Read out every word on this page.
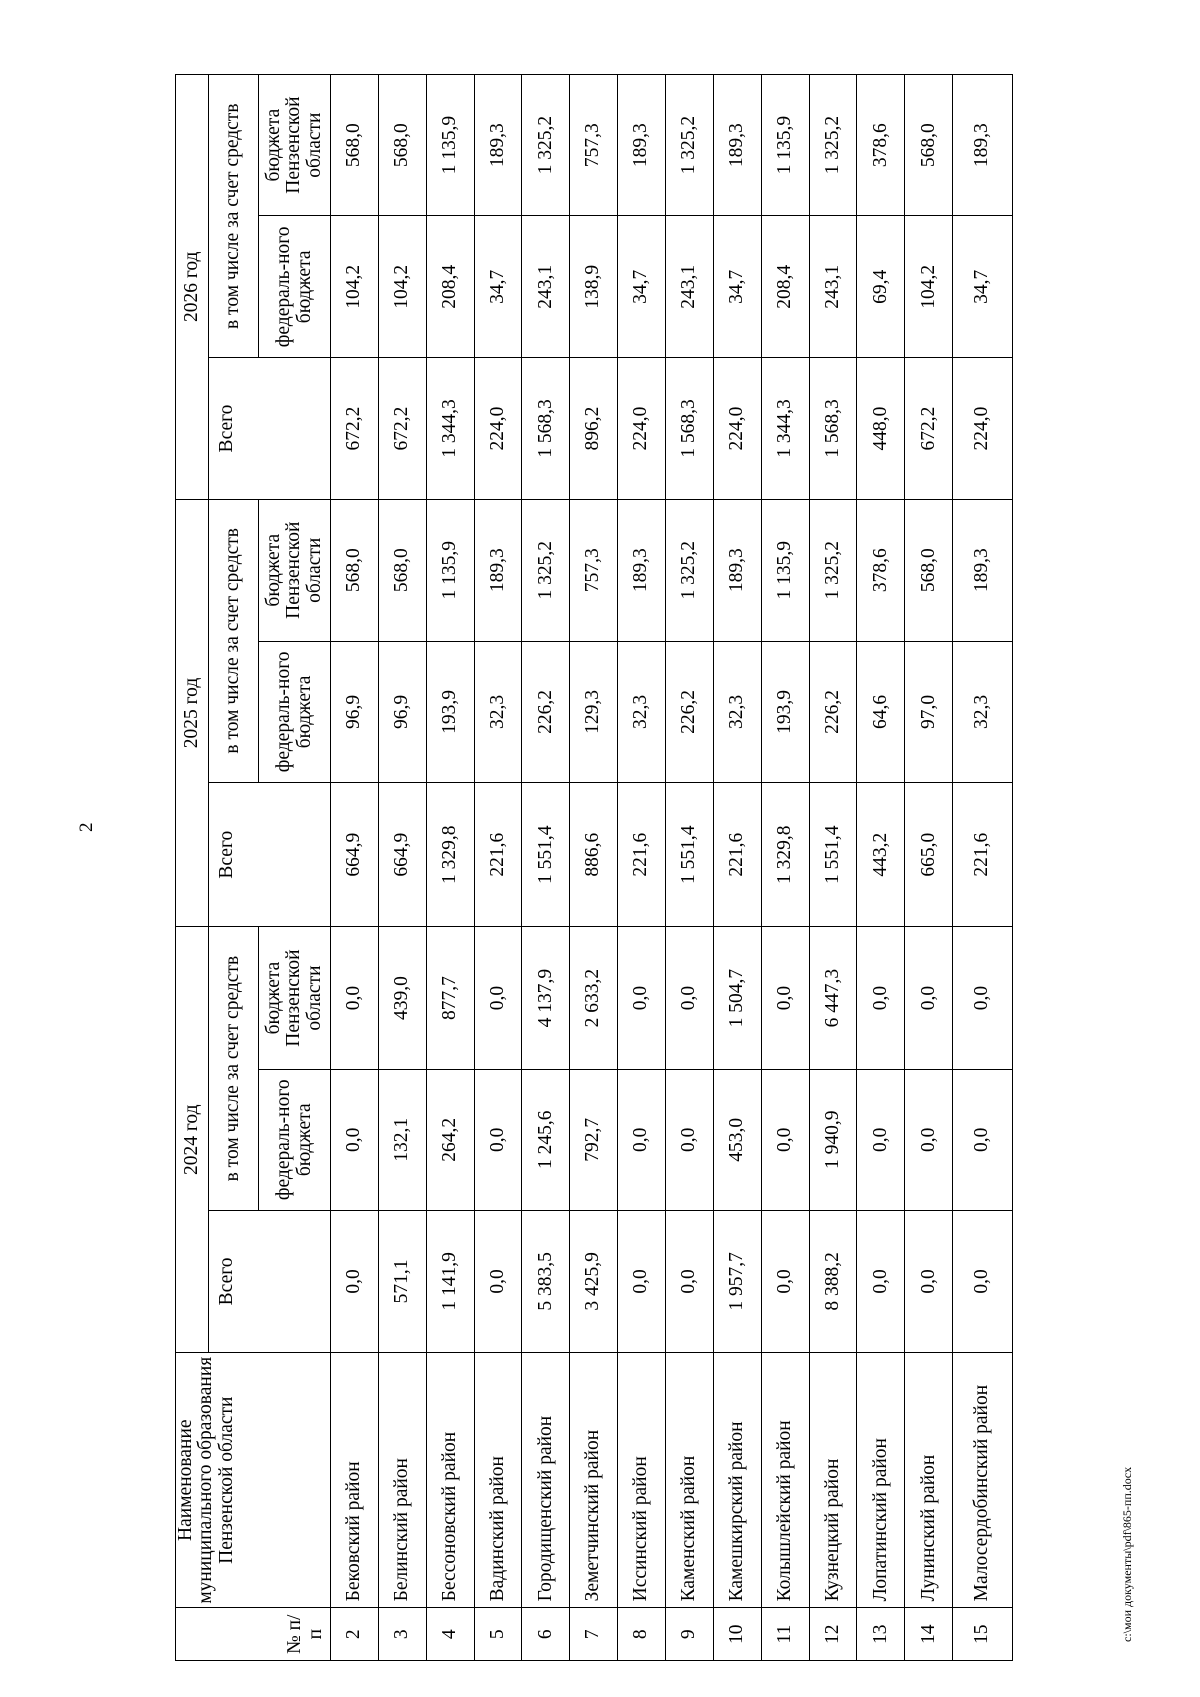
2
№ п/п	Наименование муниципального образования Пензенской области	2024 год			2025 год			2026 год		
		Всего	в том числе за счет средств		Всего	в том числе за счет средств		Всего	в том числе за счет средств	
			федераль-ного бюджета	бюджета Пензенской области		федераль-ного бюджета	бюджета Пензенской области		федераль-ного бюджета	бюджета Пензенской области
2	Бековский район	0,0	0,0	0,0	664,9	96,9	568,0	672,2	104,2	568,0
3	Белинский район	571,1	132,1	439,0	664,9	96,9	568,0	672,2	104,2	568,0
4	Бессоновский район	1 141,9	264,2	877,7	1 329,8	193,9	1 135,9	1 344,3	208,4	1 135,9
5	Вадинский район	0,0	0,0	0,0	221,6	32,3	189,3	224,0	34,7	189,3
6	Городищенский район	5 383,5	1 245,6	4 137,9	1 551,4	226,2	1 325,2	1 568,3	243,1	1 325,2
7	Земетчинский район	3 425,9	792,7	2 633,2	886,6	129,3	757,3	896,2	138,9	757,3
8	Иссинский район	0,0	0,0	0,0	221,6	32,3	189,3	224,0	34,7	189,3
9	Каменский район	0,0	0,0	0,0	1 551,4	226,2	1 325,2	1 568,3	243,1	1 325,2
10	Камешкирский район	1 957,7	453,0	1 504,7	221,6	32,3	189,3	224,0	34,7	189,3
11	Колышлейский район	0,0	0,0	0,0	1 329,8	193,9	1 135,9	1 344,3	208,4	1 135,9
12	Кузнецкий район	8 388,2	1 940,9	6 447,3	1 551,4	226,2	1 325,2	1 568,3	243,1	1 325,2
13	Лопатинский район	0,0	0,0	0,0	443,2	64,6	378,6	448,0	69,4	378,6
14	Лунинский район	0,0	0,0	0,0	665,0	97,0	568,0	672,2	104,2	568,0
15	Малосердобинский район	0,0	0,0	0,0	221,6	32,3	189,3	224,0	34,7	189,3
c:\мои документы\pdf\865-пп.docx
